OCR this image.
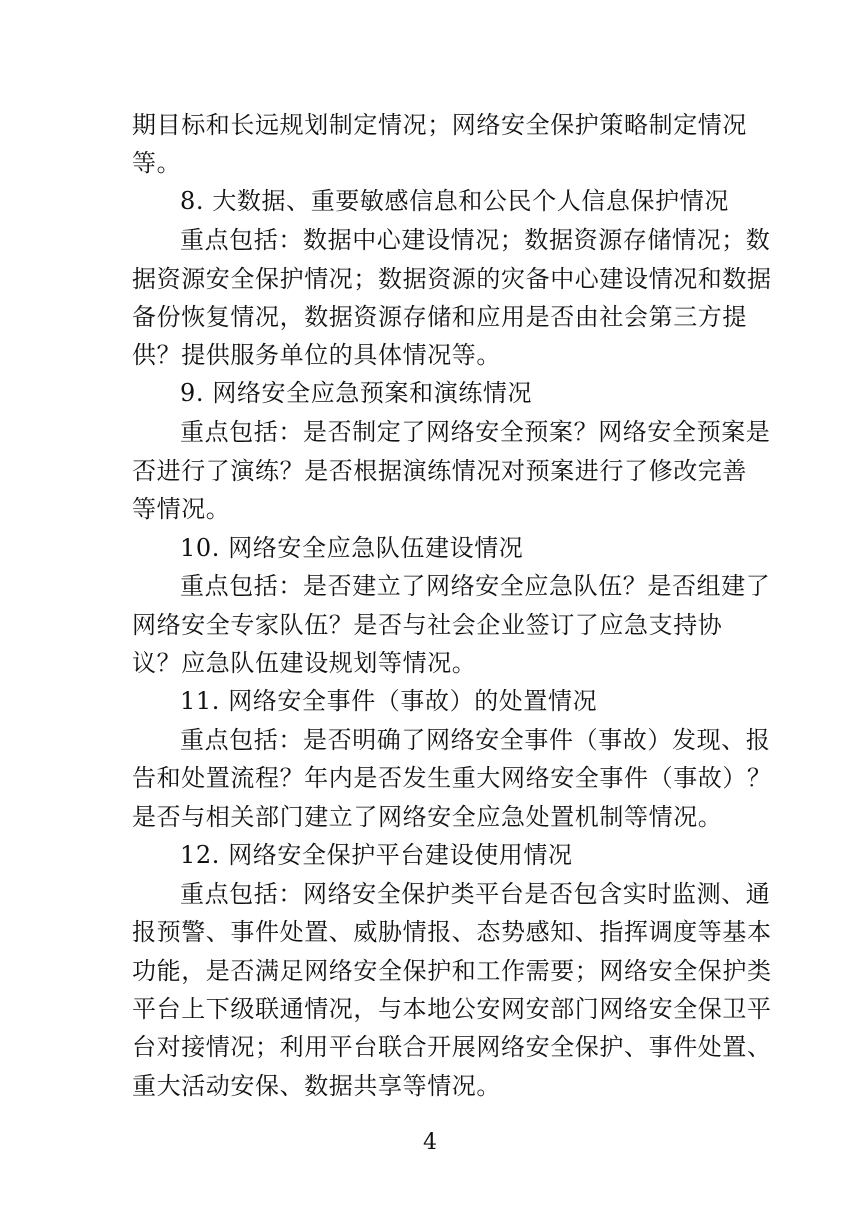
期目标和长远规划制定情况；网络安全保护策略制定情况
等。
8. 大数据、重要敏感信息和公民个人信息保护情况
重点包括：数据中心建设情况；数据资源存储情况；数
据资源安全保护情况；数据资源的灾备中心建设情况和数据
备份恢复情况，数据资源存储和应用是否由社会第三方提
供？提供服务单位的具体情况等。
9. 网络安全应急预案和演练情况
重点包括：是否制定了网络安全预案？网络安全预案是
否进行了演练？是否根据演练情况对预案进行了修改完善
等情况。
10. 网络安全应急队伍建设情况
重点包括：是否建立了网络安全应急队伍？是否组建了
网络安全专家队伍？是否与社会企业签订了应急支持协
议？应急队伍建设规划等情况。
11. 网络安全事件（事故）的处置情况
重点包括：是否明确了网络安全事件（事故）发现、报
告和处置流程？年内是否发生重大网络安全事件（事故）？
是否与相关部门建立了网络安全应急处置机制等情况。
12. 网络安全保护平台建设使用情况
重点包括：网络安全保护类平台是否包含实时监测、通
报预警、事件处置、威胁情报、态势感知、指挥调度等基本
功能，是否满足网络安全保护和工作需要；网络安全保护类
平台上下级联通情况，与本地公安网安部门网络安全保卫平
台对接情况；利用平台联合开展网络安全保护、事件处置、
重大活动安保、数据共享等情况。
4
